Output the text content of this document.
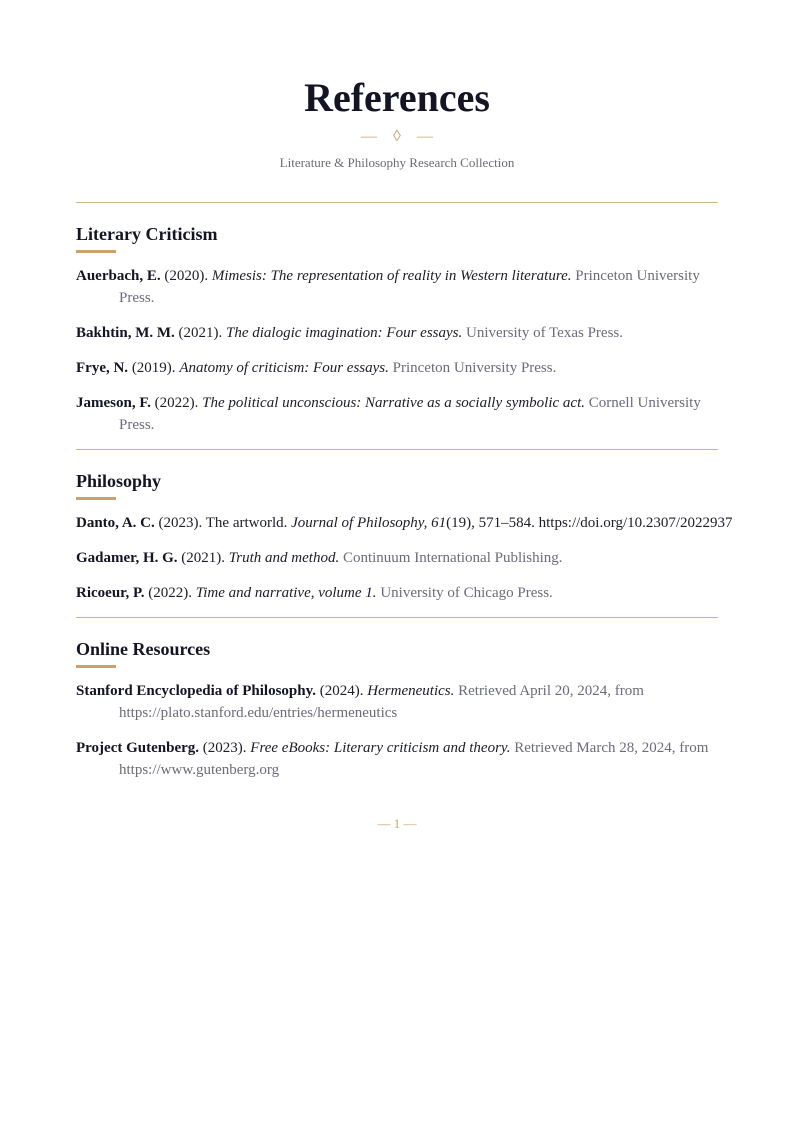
References
— ◊ —
Literature & Philosophy Research Collection
Literary Criticism
Auerbach, E. (2020). Mimesis: The representation of reality in Western literature. Princeton University Press.
Bakhtin, M. M. (2021). The dialogic imagination: Four essays. University of Texas Press.
Frye, N. (2019). Anatomy of criticism: Four essays. Princeton University Press.
Jameson, F. (2022). The political unconscious: Narrative as a socially symbolic act. Cornell University Press.
Philosophy
Danto, A. C. (2023). The artworld. Journal of Philosophy, 61(19), 571–584. https://doi.org/10.2307/2022937
Gadamer, H. G. (2021). Truth and method. Continuum International Publishing.
Ricoeur, P. (2022). Time and narrative, volume 1. University of Chicago Press.
Online Resources
Stanford Encyclopedia of Philosophy. (2024). Hermeneutics. Retrieved April 20, 2024, from https://plato.stanford.edu/entries/hermeneutics
Project Gutenberg. (2023). Free eBooks: Literary criticism and theory. Retrieved March 28, 2024, from https://www.gutenberg.org
— 1 —
